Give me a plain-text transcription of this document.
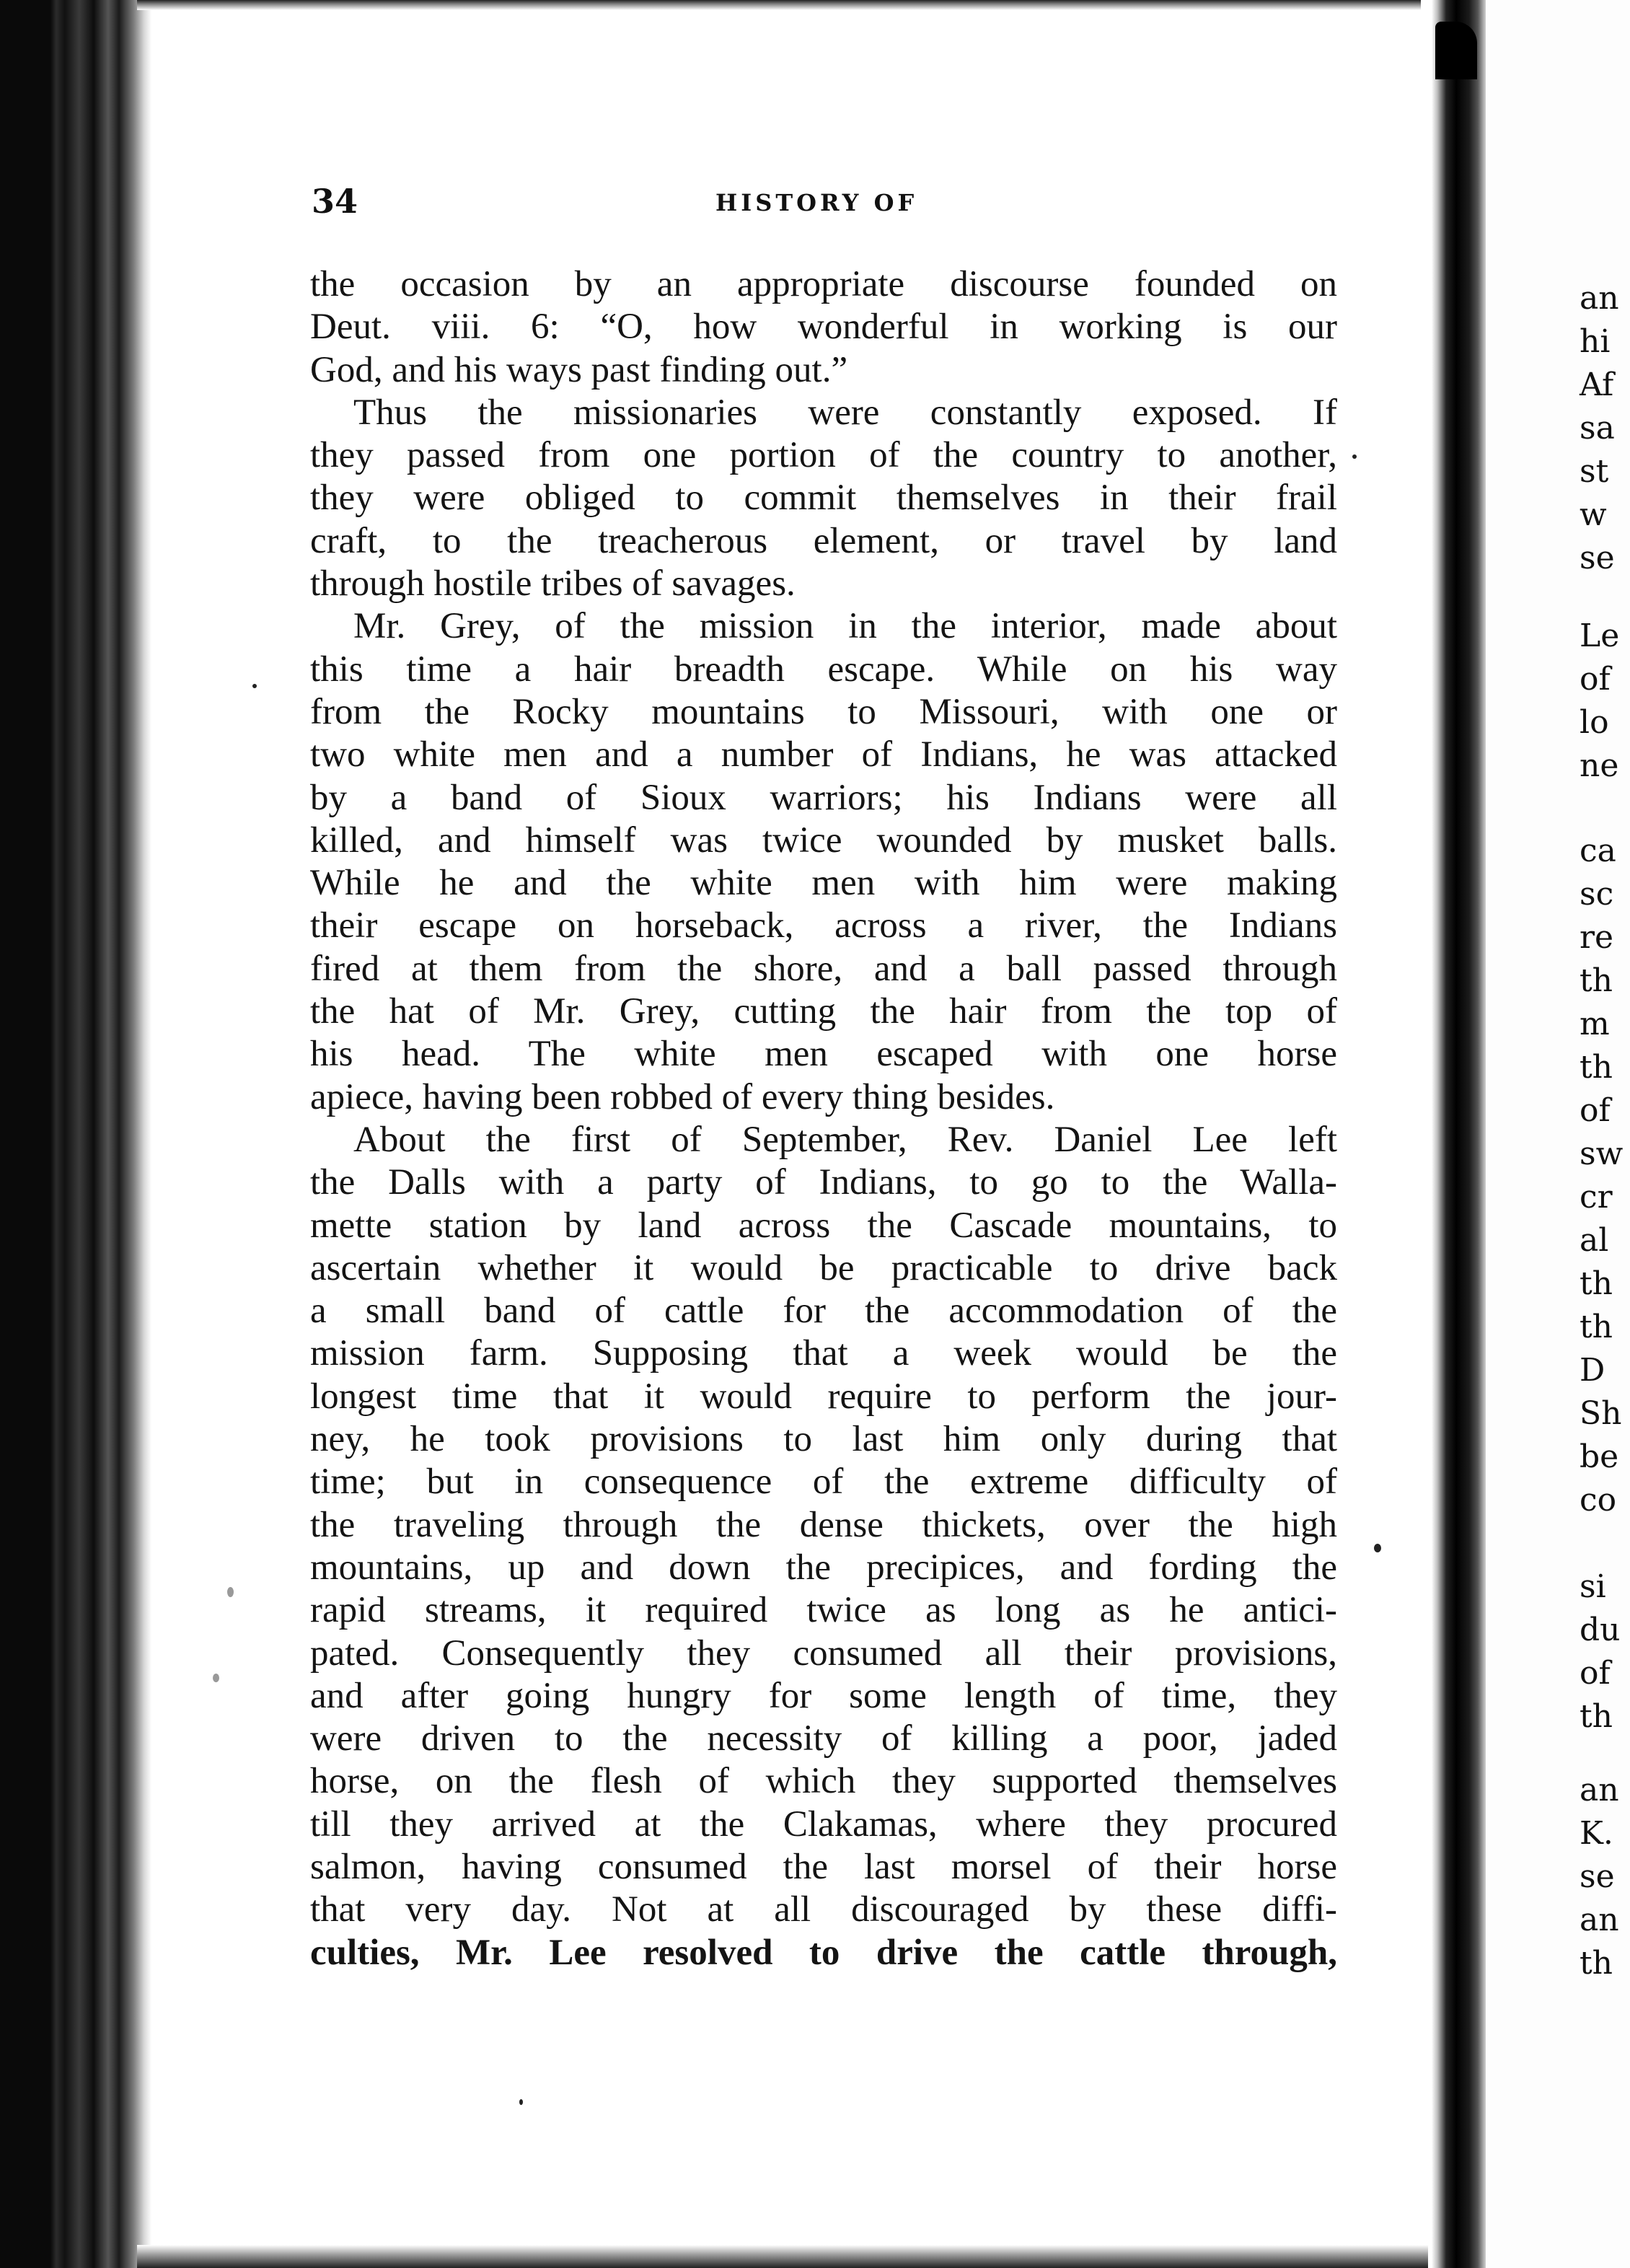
34	HISTORY OF
the occasion by an appropriate discourse founded on
Deut. viii. 6: “O, how wonderful in working is our
God, and his ways past finding out.”
Thus the missionaries were constantly exposed. If
they passed from one portion of the country to another,
they were obliged to commit themselves in their frail
craft, to the treacherous element, or travel by land
through hostile tribes of savages.
Mr. Grey, of the mission in the interior, made about
this time a hair breadth escape. While on his way
from the Rocky mountains to Missouri, with one or
two white men and a number of Indians, he was attacked
by a band of Sioux warriors; his Indians were all
killed, and himself was twice wounded by musket balls.
While he and the white men with him were making
their escape on horseback, across a river, the Indians
fired at them from the shore, and a ball passed through
the hat of Mr. Grey, cutting the hair from the top of
his head. The white men escaped with one horse
apiece, having been robbed of every thing besides.
About the first of September, Rev. Daniel Lee left
the Dalls with a party of Indians, to go to the Walla-
mette station by land across the Cascade mountains, to
ascertain whether it would be practicable to drive back
a small band of cattle for the accommodation of the
mission farm. Supposing that a week would be the
longest time that it would require to perform the jour-
ney, he took provisions to last him only during that
time; but in consequence of the extreme difficulty of
the traveling through the dense thickets, over the high
mountains, up and down the precipices, and fording the
rapid streams, it required twice as long as he antici-
pated. Consequently they consumed all their provisions,
and after going hungry for some length of time, they
were driven to the necessity of killing a poor, jaded
horse, on the flesh of which they supported themselves
till they arrived at the Clakamas, where they procured
salmon, having consumed the last morsel of their horse
that very day. Not at all discouraged by these diffi-
culties, Mr. Lee resolved to drive the cattle through,
an
hi
Af
sa
st
w
se
Le
of
lo
ne
ca
sc
re
th
m
th
of
sw
cr
al
th
th
D
Sh
be
co
si
du
of
th
an
K.
se
an
th
